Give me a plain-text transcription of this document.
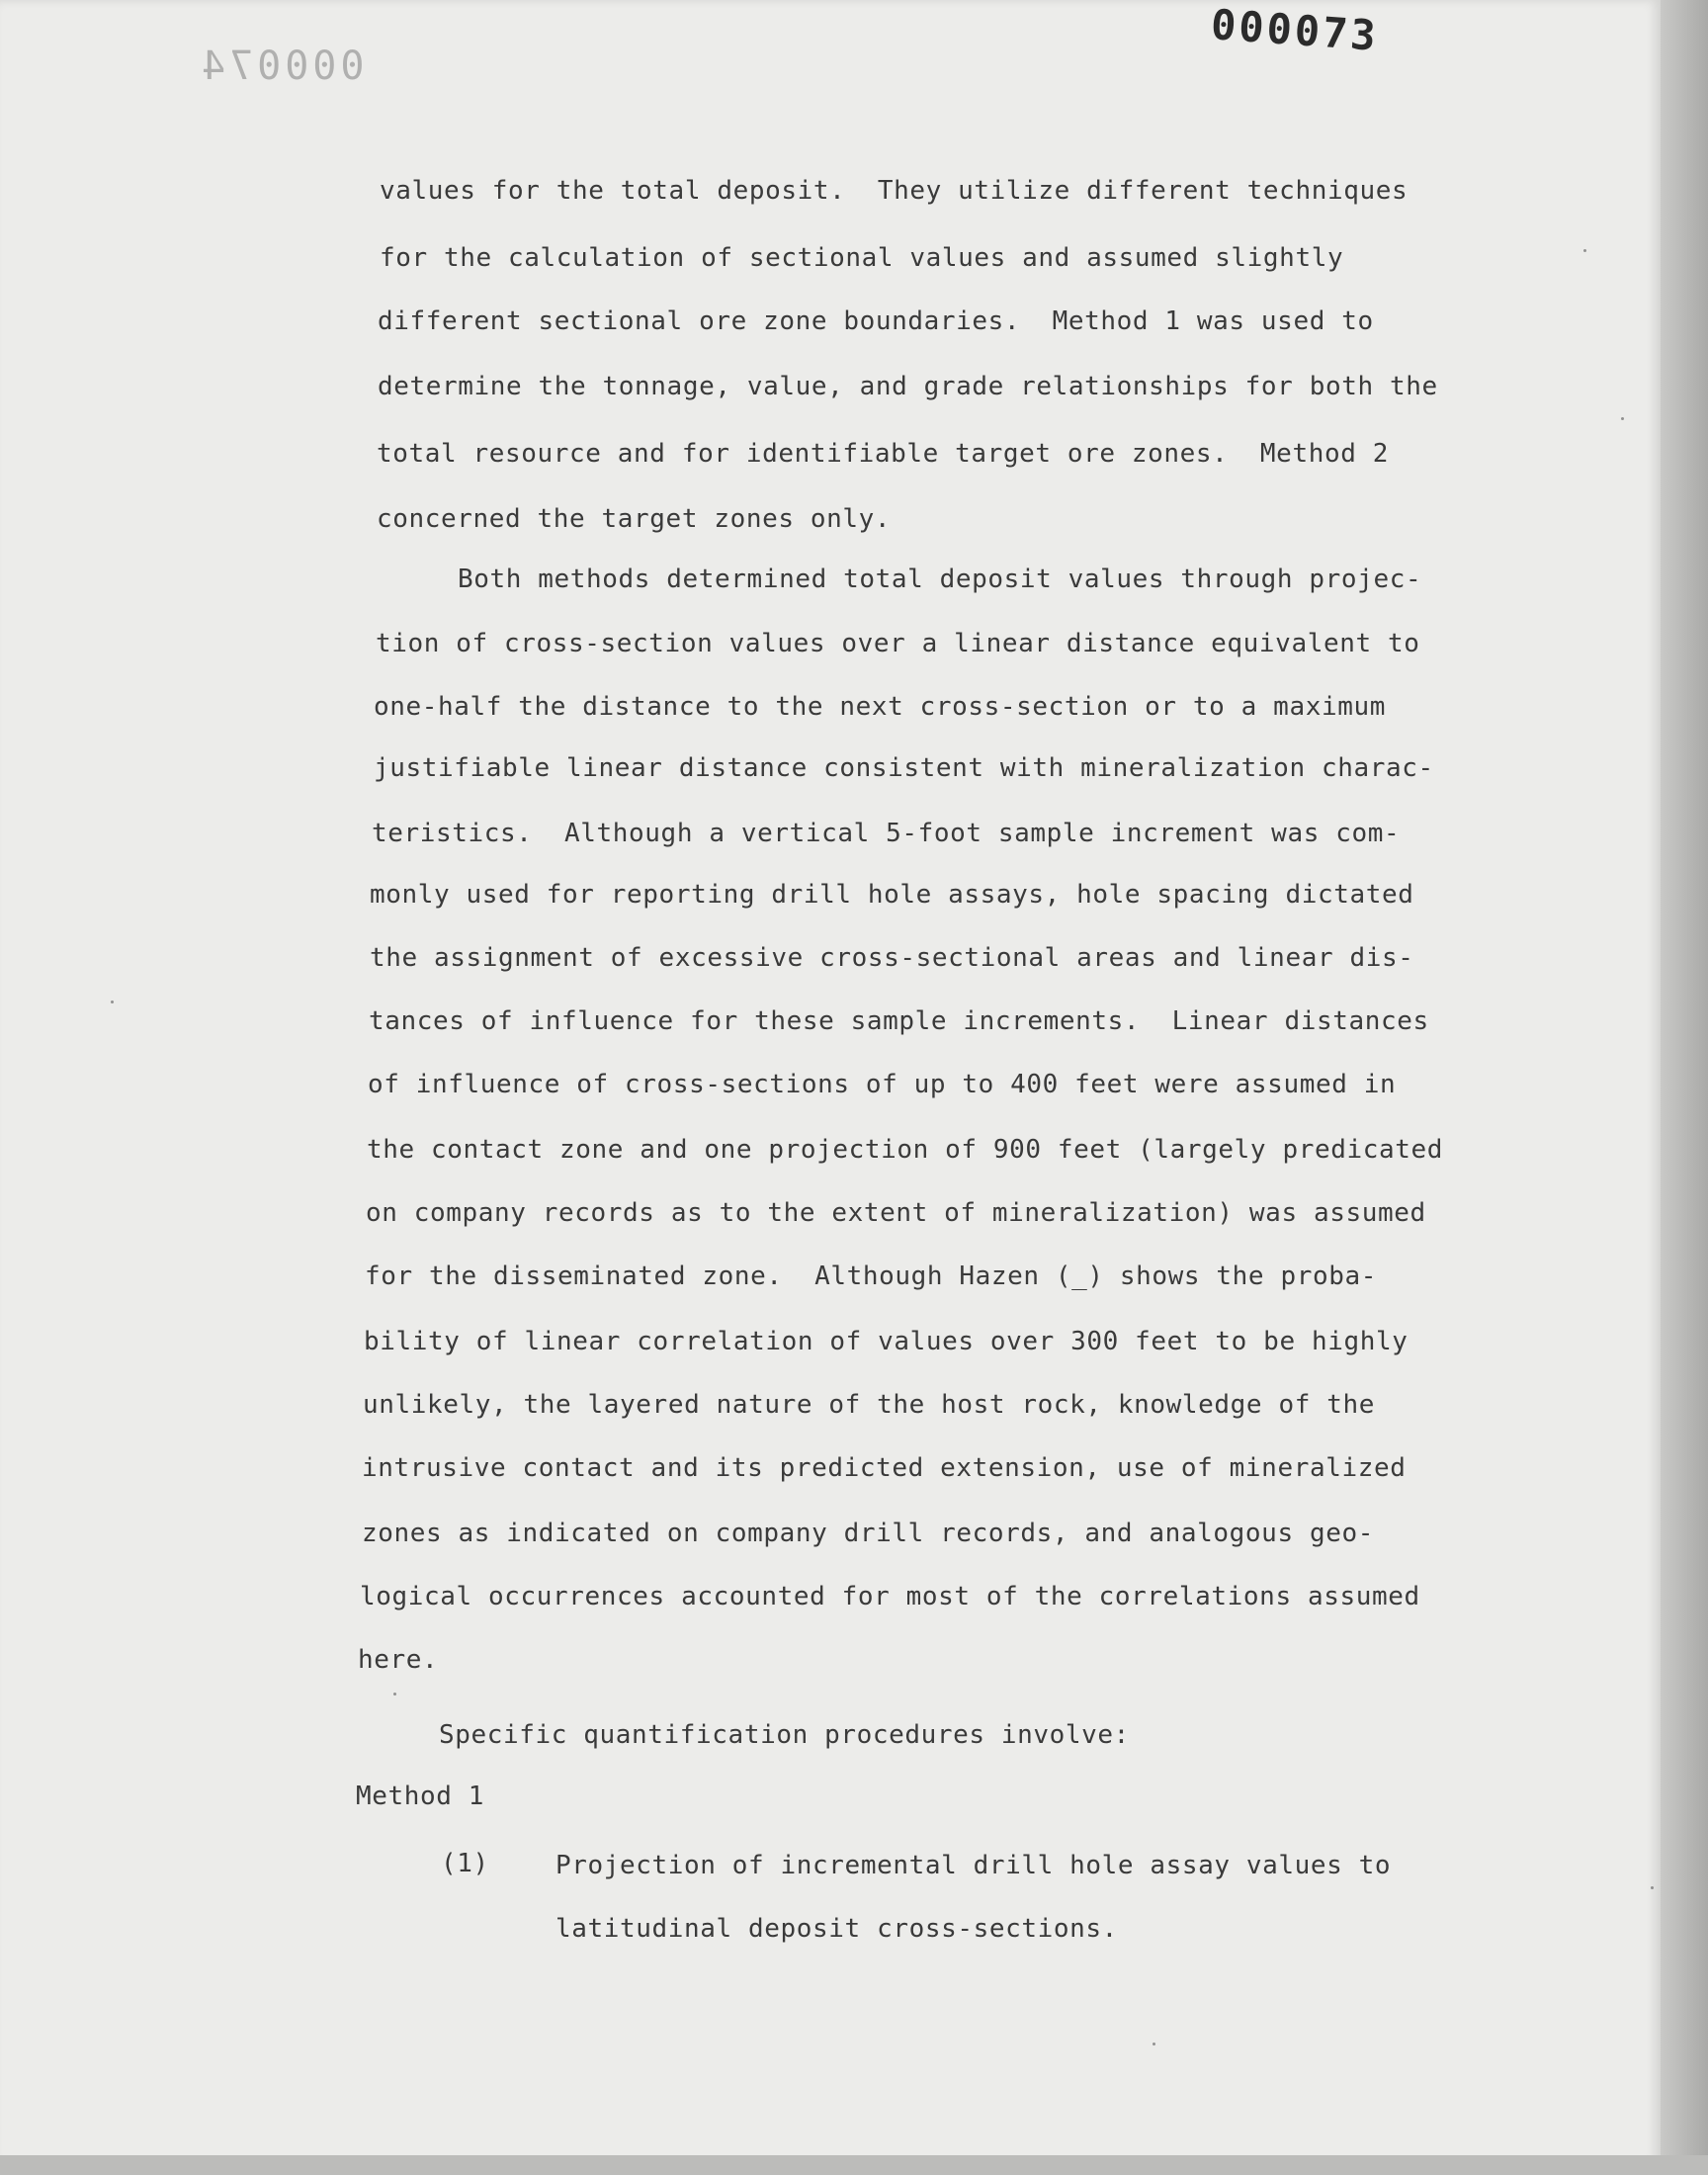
000073
000074
values for the total deposit.  They utilize different techniques
for the calculation of sectional values and assumed slightly
different sectional ore zone boundaries.  Method 1 was used to
determine the tonnage, value, and grade relationships for both the
total resource and for identifiable target ore zones.  Method 2
concerned the target zones only.
Both methods determined total deposit values through projec-
tion of cross-section values over a linear distance equivalent to
one-half the distance to the next cross-section or to a maximum
justifiable linear distance consistent with mineralization charac-
teristics.  Although a vertical 5-foot sample increment was com-
monly used for reporting drill hole assays, hole spacing dictated
the assignment of excessive cross-sectional areas and linear dis-
tances of influence for these sample increments.  Linear distances
of influence of cross-sections of up to 400 feet were assumed in
the contact zone and one projection of 900 feet (largely predicated
on company records as to the extent of mineralization) was assumed
for the disseminated zone.  Although Hazen (_) shows the proba-
bility of linear correlation of values over 300 feet to be highly
unlikely, the layered nature of the host rock, knowledge of the
intrusive contact and its predicted extension, use of mineralized
zones as indicated on company drill records, and analogous geo-
logical occurrences accounted for most of the correlations assumed
here.
Specific quantification procedures involve:
Method 1
(1)	Projection of incremental drill hole assay values to
latitudinal deposit cross-sections.
